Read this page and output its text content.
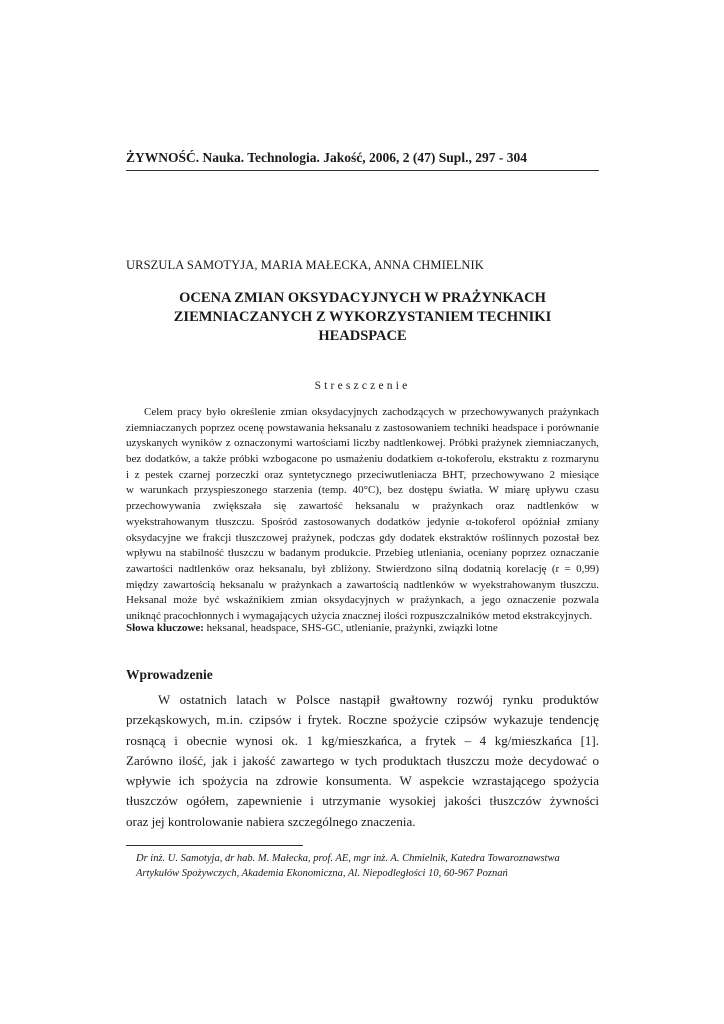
ŻYWNOŚĆ. Nauka. Technologia. Jakość, 2006, 2 (47) Supl., 297 - 304
URSZULA SAMOTYJA, MARIA MAŁECKA, ANNA CHMIELNIK
OCENA ZMIAN OKSYDACYJNYCH W PRAŻYNKACH
ZIEMNIACZANYCH Z WYKORZYSTANIEM TECHNIKI
HEADSPACE
Streszczenie
Celem pracy było określenie zmian oksydacyjnych zachodzących w przechowywanych prażynkach
ziemniaczanych poprzez ocenę powstawania heksanalu z zastosowaniem techniki headspace i porównanie
uzyskanych wyników z oznaczonymi wartościami liczby nadtlenkowej. Próbki prażynek ziemniaczanych,
bez dodatków, a także próbki wzbogacone po usmażeniu dodatkiem α-tokoferolu, ekstraktu z rozmarynu
i z pestek czarnej porzeczki oraz syntetycznego przeciwutleniacza BHT, przechowywano 2 miesiące
w warunkach przyspieszonego starzenia (temp. 40°C), bez dostępu światła. W miarę upływu czasu
przechowywania zwiększała się zawartość heksanalu w prażynkach oraz nadtlenków w
wyekstrahowanym tłuszczu. Spośród zastosowanych dodatków jedynie α-tokoferol opóźniał zmiany
oksydacyjne we frakcji tłuszczowej prażynek, podczas gdy dodatek ekstraktów roślinnych pozostał bez
wpływu na stabilność tłuszczu w badanym produkcie. Przebieg utleniania, oceniany poprzez oznaczanie
zawartości nadtlenków oraz heksanalu, był zbliżony. Stwierdzono silną dodatnią korelację (r = 0,99)
między zawartością heksanalu w prażynkach a zawartością nadtlenków w wyekstrahowanym tłuszczu.
Heksanal może być wskaźnikiem zmian oksydacyjnych w prażynkach, a jego oznaczenie pozwala
uniknąć pracochłonnych i wymagających użycia znacznej ilości rozpuszczalników metod ekstrakcyjnych.
Słowa kluczowe: heksanal, headspace, SHS-GC, utlenianie, prażynki, związki lotne
Wprowadzenie
W ostatnich latach w Polsce nastąpił gwałtowny rozwój rynku produktów
przekąskowych, m.in. czipsów i frytek. Roczne spożycie czipsów wykazuje tendencję
rosnącą i obecnie wynosi ok. 1 kg/mieszkańca, a frytek – 4 kg/mieszkańca [1].
Zarówno ilość, jak i jakość zawartego w tych produktach tłuszczu może decydować o
wpływie ich spożycia na zdrowie konsumenta. W aspekcie wzrastającego spożycia
tłuszczów ogółem, zapewnienie i utrzymanie wysokiej jakości tłuszczów żywności
oraz jej kontrolowanie nabiera szczególnego znaczenia.
Dr inż. U. Samotyja, dr hab. M. Małecka, prof. AE, mgr inż. A. Chmielnik, Katedra Towaroznawstwa
Artykułów Spożywczych, Akademia Ekonomiczna, Al. Niepodległości 10, 60-967 Poznań
